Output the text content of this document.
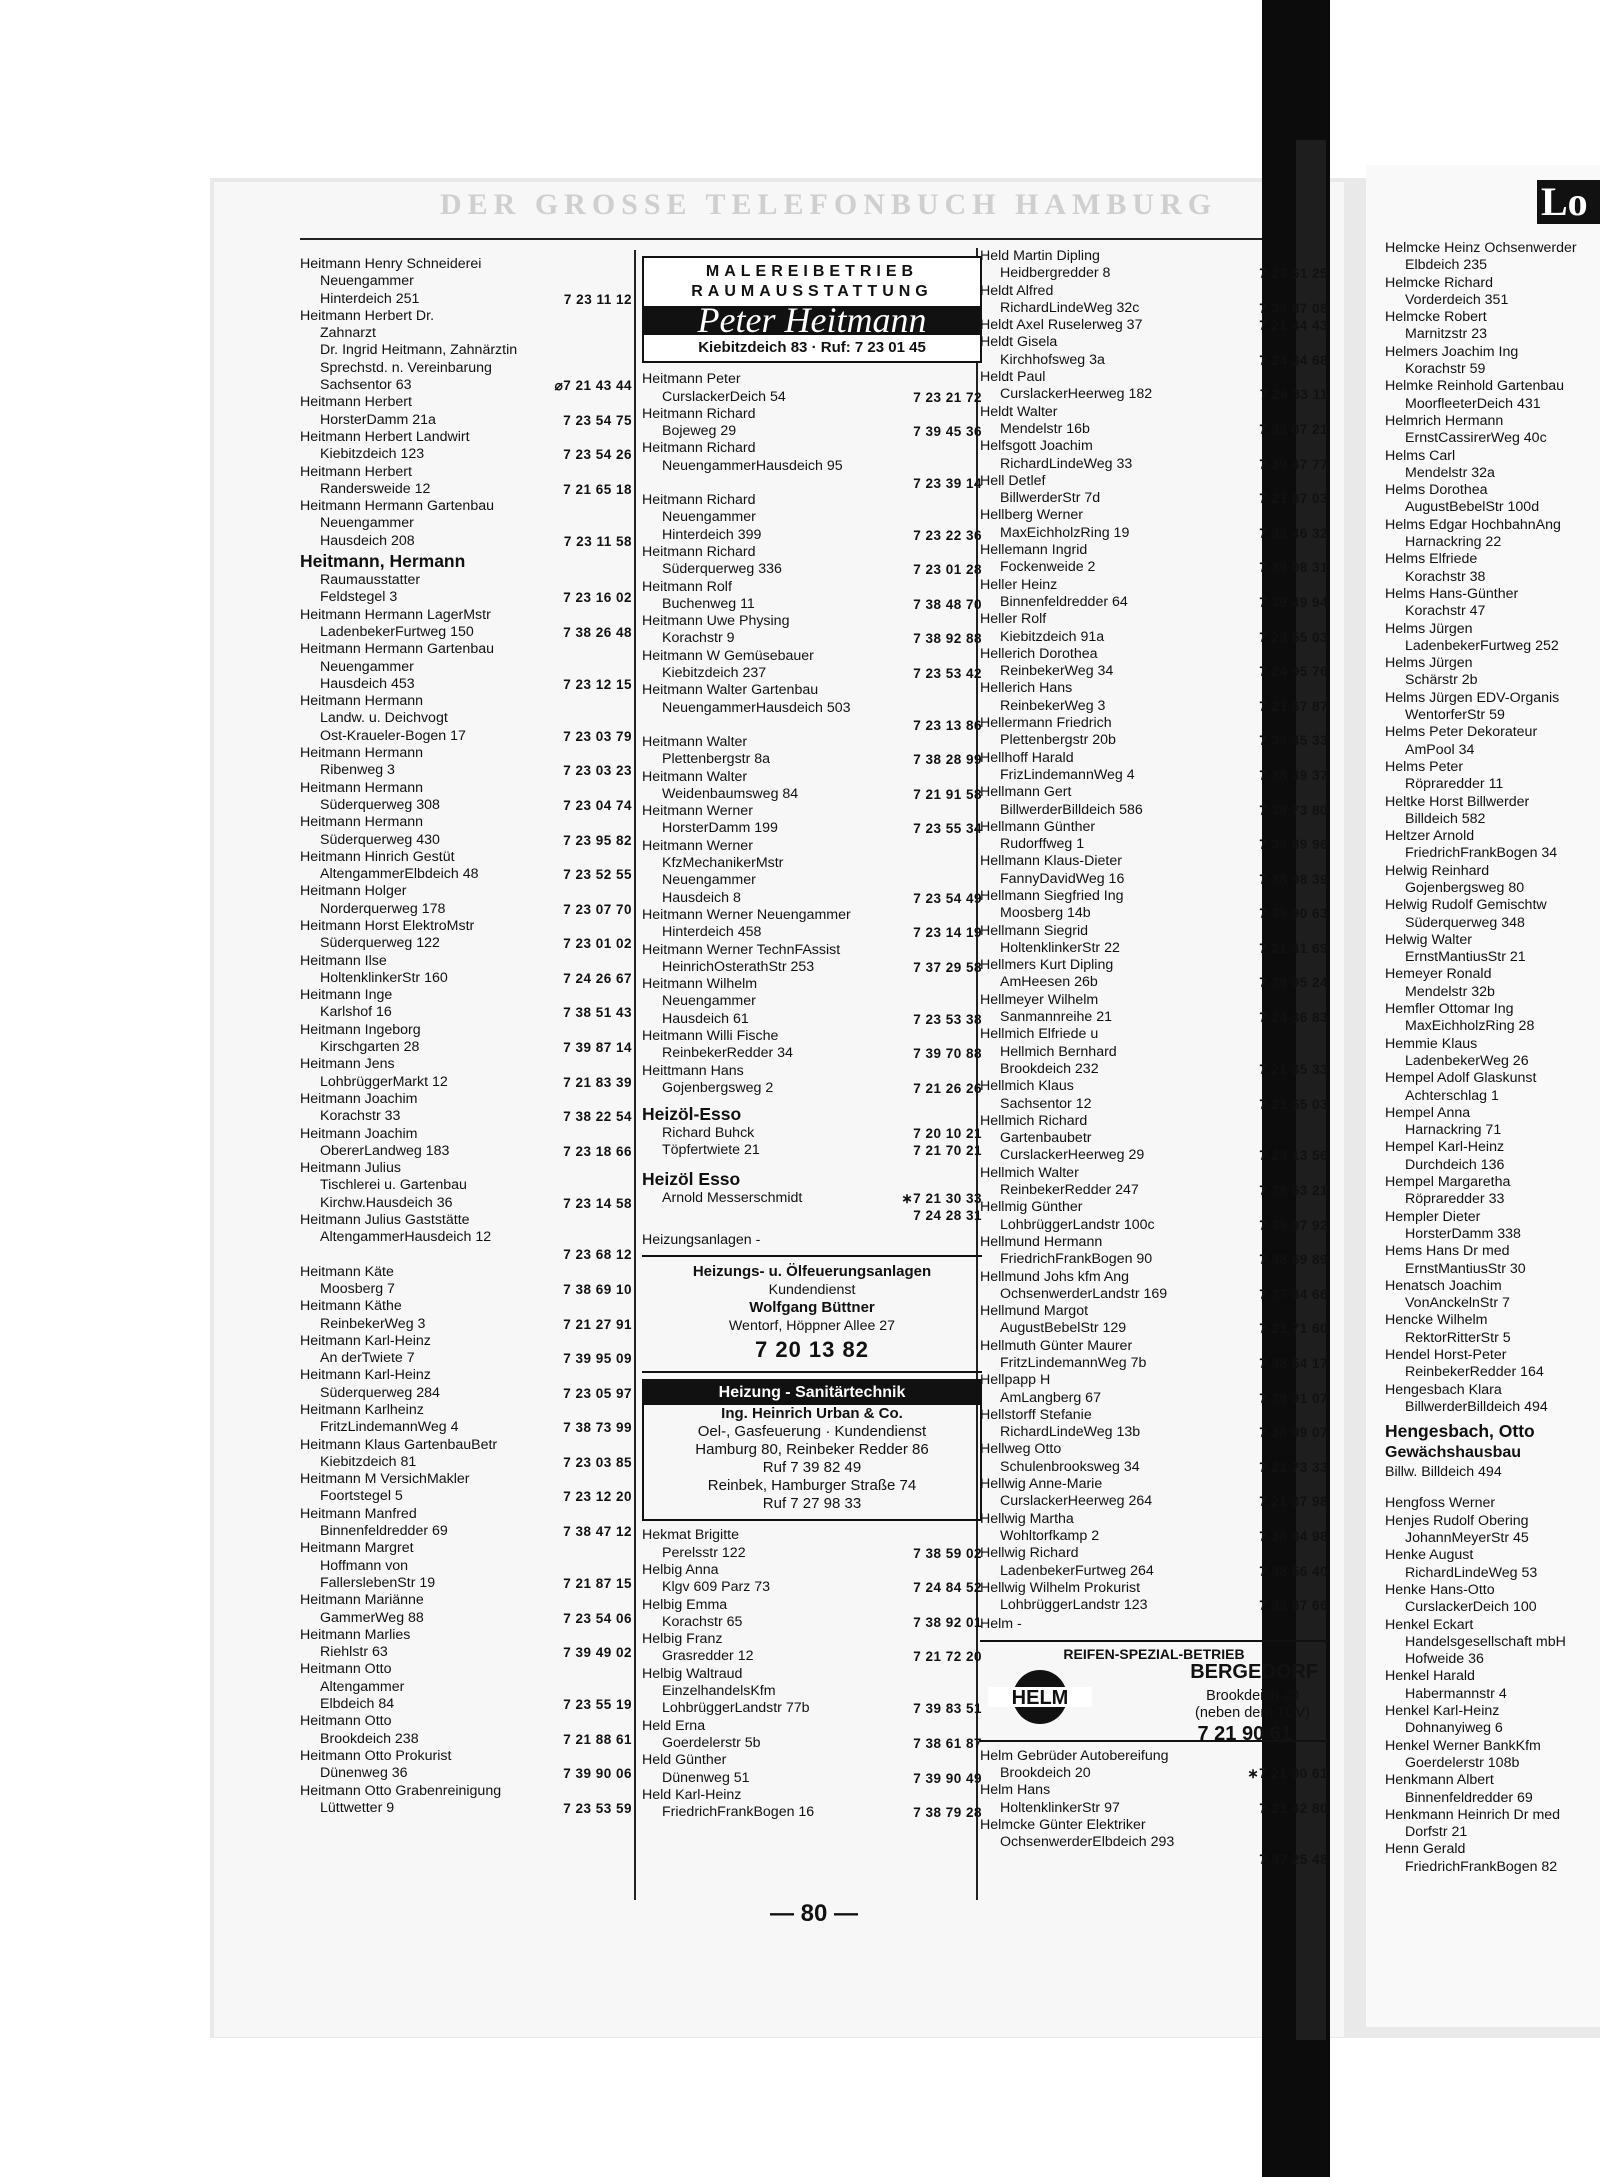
DER GROSSE TELEFONBUCH HAMBURG	Lo
Heitmann Henry Schneiderei
Neuengammer
Hinterdeich 251	7 23 11 12
Heitmann Herbert Dr.
Zahnarzt
Dr. Ingrid Heitmann, Zahnärztin
Sprechstd. n. Vereinbarung
Sachsentor 63	⌀7 21 43 44
Heitmann Herbert
HorsterDamm 21a	7 23 54 75
Heitmann Herbert Landwirt
Kiebitzdeich 123	7 23 54 26
Heitmann Herbert
Randersweide 12	7 21 65 18
Heitmann Hermann Gartenbau
Neuengammer
Hausdeich 208	7 23 11 58
Heitmann, Hermann
Raumausstatter
Feldstegel 3	7 23 16 02
Heitmann Hermann LagerMstr
LadenbekerFurtweg 150	7 38 26 48
Heitmann Hermann Gartenbau
Neuengammer
Hausdeich 453	7 23 12 15
Heitmann Hermann
Landw. u. Deichvogt
Ost-Kraueler-Bogen 17	7 23 03 79
Heitmann Hermann
Ribenweg 3	7 23 03 23
Heitmann Hermann
Süderquerweg 308	7 23 04 74
Heitmann Hermann
Süderquerweg 430	7 23 95 82
Heitmann Hinrich Gestüt
AltengammerElbdeich 48	7 23 52 55
Heitmann Holger
Norderquerweg 178	7 23 07 70
Heitmann Horst ElektroMstr
Süderquerweg 122	7 23 01 02
Heitmann Ilse
HoltenklinkerStr 160	7 24 26 67
Heitmann Inge
Karlshof 16	7 38 51 43
Heitmann Ingeborg
Kirschgarten 28	7 39 87 14
Heitmann Jens
LohbrüggerMarkt 12	7 21 83 39
Heitmann Joachim
Korachstr 33	7 38 22 54
Heitmann Joachim
ObererLandweg 183	7 23 18 66
Heitmann Julius
Tischlerei u. Gartenbau
Kirchw.Hausdeich 36	7 23 14 58
Heitmann Julius Gaststätte
AltengammerHausdeich 12
7 23 68 12
Heitmann Käte
Moosberg 7	7 38 69 10
Heitmann Käthe
ReinbekerWeg 3	7 21 27 91
Heitmann Karl-Heinz
An derTwiete 7	7 39 95 09
Heitmann Karl-Heinz
Süderquerweg 284	7 23 05 97
Heitmann Karlheinz
FritzLindemannWeg 4	7 38 73 99
Heitmann Klaus GartenbauBetr
Kiebitzdeich 81	7 23 03 85
Heitmann M VersichMakler
Foortstegel 5	7 23 12 20
Heitmann Manfred
Binnenfeldredder 69	7 38 47 12
Heitmann Margret
Hoffmann von
FallerslebenStr 19	7 21 87 15
Heitmann Mariänne
GammerWeg 88	7 23 54 06
Heitmann Marlies
Riehlstr 63	7 39 49 02
Heitmann Otto
Altengammer
Elbdeich 84	7 23 55 19
Heitmann Otto
Brookdeich 238	7 21 88 61
Heitmann Otto Prokurist
Dünenweg 36	7 39 90 06
Heitmann Otto Grabenreinigung
Lüttwetter 9	7 23 53 59
MALEREIBETRIEB
RAUMAUSSTATTUNG
Peter Heitmann
Kiebitzdeich 83 · Ruf: 7 23 01 45
Heitmann Peter
CurslackerDeich 54	7 23 21 72
Heitmann Richard
Bojeweg 29	7 39 45 36
Heitmann Richard
NeuengammerHausdeich 95
7 23 39 14
Heitmann Richard
Neuengammer
Hinterdeich 399	7 23 22 36
Heitmann Richard
Süderquerweg 336	7 23 01 28
Heitmann Rolf
Buchenweg 11	7 38 48 70
Heitmann Uwe Physing
Korachstr 9	7 38 92 88
Heitmann W Gemüsebauer
Kiebitzdeich 237	7 23 53 42
Heitmann Walter Gartenbau
NeuengammerHausdeich 503
7 23 13 86
Heitmann Walter
Plettenbergstr 8a	7 38 28 99
Heitmann Walter
Weidenbaumsweg 84	7 21 91 58
Heitmann Werner
HorsterDamm 199	7 23 55 34
Heitmann Werner
KfzMechanikerMstr
Neuengammer
Hausdeich 8	7 23 54 49
Heitmann Werner Neuengammer
Hinterdeich 458	7 23 14 19
Heitmann Werner TechnFAssist
HeinrichOsterathStr 253	7 37 29 58
Heitmann Wilhelm
Neuengammer
Hausdeich 61	7 23 53 38
Heitmann Willi Fische
ReinbekerRedder 34	7 39 70 88
Heittmann Hans
Gojenbergsweg 2	7 21 26 26
Heizöl-Esso
Richard Buhck	7 20 10 21
Töpfertwiete 21	7 21 70 21
Heizöl Esso
Arnold Messerschmidt	∗7 21 30 33
7 24 28 31
Heizungsanlagen -
Heizungs- u. Ölfeuerungsanlagen
Kundendienst
Wolfgang Büttner
Wentorf, Höppner Allee 27
7 20 13 82
Heizung - Sanitärtechnik
Ing. Heinrich Urban & Co.
Oel-, Gasfeuerung · Kundendienst
Hamburg 80, Reinbeker Redder 86
Ruf 7 39 82 49
Reinbek, Hamburger Straße 74
Ruf 7 27 98 33
Hekmat Brigitte
Perelsstr 122	7 38 59 02
Helbig Anna
Klgv 609 Parz 73	7 24 84 52
Helbig Emma
Korachstr 65	7 38 92 01
Helbig Franz
Grasredder 12	7 21 72 20
Helbig Waltraud
EinzelhandelsKfm
LohbrüggerLandstr 77b	7 39 83 51
Held Erna
Goerdelerstr 5b	7 38 61 87
Held Günther
Dünenweg 51	7 39 90 49
Held Karl-Heinz
FriedrichFrankBogen 16	7 38 79 28
Held Martin Dipling
Heidbergredder 8	7 23 51 25
Heldt Alfred
RichardLindeWeg 32c	7 39 87 08
Heldt Axel Ruselerweg 37	7 21 44 43
Heldt Gisela
Kirchhofsweg 3a	7 24 34 68
Heldt Paul
CurslackerHeerweg 182	7 24 33 11
Heldt Walter
Mendelstr 16b	7 38 07 21
Helfsgott Joachim
RichardLindeWeg 33	7 39 47 77
Hell Detlef
BillwerderStr 7d	7 21 87 03
Hellberg Werner
MaxEichholzRing 19	7 38 46 32
Hellemann Ingrid
Fockenweide 2	7 39 08 31
Heller Heinz
Binnenfeldredder 64	7 39 49 94
Heller Rolf
Kiebitzdeich 91a	7 23 55 03
Hellerich Dorothea
ReinbekerWeg 34	7 24 95 76
Hellerich Hans
ReinbekerWeg 3	7 21 67 87
Hellermann Friedrich
Plettenbergstr 20b	7 38 45 33
Hellhoff Harald
FrizLindemannWeg 4	7 38 49 37
Hellmann Gert
BillwerderBilldeich 586	7 38 73 80
Hellmann Günther
Rudorffweg 1	7 39 89 96
Hellmann Klaus-Dieter
FannyDavidWeg 16	7 38 98 39
Hellmann Siegfried Ing
Moosberg 14b	7 39 90 63
Hellmann Siegrid
HoltenklinkerStr 22	7 21 41 69
Hellmers Kurt Dipling
AmHeesen 26b	7 39 95 24
Hellmeyer Wilhelm
Sanmannreihe 21	7 24 36 83
Hellmich Elfriede u
Hellmich Bernhard
Brookdeich 232	7 21 35 33
Hellmich Klaus
Sachsentor 12	7 21 55 03
Hellmich Richard
Gartenbaubetr
CurslackerHeerweg 29	7 23 13 56
Hellmich Walter
ReinbekerRedder 247	7 38 63 21
Hellmig Günther
LohbrüggerLandstr 100c	7 39 97 92
Hellmund Hermann
FriedrichFrankBogen 90	7 38 69 89
Hellmund Johs kfm Ang
OchsenwerderLandstr 169	7 37 34 66
Hellmund Margot
AugustBebelStr 129	7 21 71 60
Hellmuth Günter Maurer
FritzLindemannWeg 7b	7 38 54 17
Hellpapp H
AmLangberg 67	7 39 91 07
Hellstorff Stefanie
RichardLindeWeg 13b	7 38 99 07
Hellweg Otto
Schulenbrooksweg 34	7 21 73 33
Hellwig Anne-Marie
CurslackerHeerweg 264	7 21 37 98
Hellwig Martha
Wohltorfkamp 2	7 38 84 98
Hellwig Richard
LadenbekerFurtweg 264	7 38 56 40
Hellwig Wilhelm Prokurist
LohbrüggerLandstr 123	7 39 87 66
Helm -
REIFEN-SPEZIAL-BETRIEB
HELM
BERGEDORF
Brookdeich 20
(neben dem TÜV)
7 21 90 61
Helm Gebrüder Autobereifung
Brookdeich 20	∗7 21 90 61
Helm Hans
HoltenklinkerStr 97	7 21 42 80
Helmcke Günter Elektriker
OchsenwerderElbdeich 293
7 37 25 48
Helmcke Heinz Ochsenwerder
Elbdeich 235
Helmcke Richard
Vorderdeich 351
Helmcke Robert
Marnitzstr 23
Helmers Joachim Ing
Korachstr 59
Helmke Reinhold Gartenbau
MoorfleeterDeich 431
Helmrich Hermann
ErnstCassirerWeg 40c
Helms Carl
Mendelstr 32a
Helms Dorothea
AugustBebelStr 100d
Helms Edgar HochbahnAng
Harnackring 22
Helms Elfriede
Korachstr 38
Helms Hans-Günther
Korachstr 47
Helms Jürgen
LadenbekerFurtweg 252
Helms Jürgen
Schärstr 2b
Helms Jürgen EDV-Organis
WentorferStr 59
Helms Peter Dekorateur
AmPool 34
Helms Peter
Röpraredder 11
Heltke Horst Billwerder
Billdeich 582
Heltzer Arnold
FriedrichFrankBogen 34
Helwig Reinhard
Gojenbergsweg 80
Helwig Rudolf Gemischtw
Süderquerweg 348
Helwig Walter
ErnstMantiusStr 21
Hemeyer Ronald
Mendelstr 32b
Hemfler Ottomar Ing
MaxEichholzRing 28
Hemmie Klaus
LadenbekerWeg 26
Hempel Adolf Glaskunst
Achterschlag 1
Hempel Anna
Harnackring 71
Hempel Karl-Heinz
Durchdeich 136
Hempel Margaretha
Röpraredder 33
Hempler Dieter
HorsterDamm 338
Hems Hans Dr med
ErnstMantiusStr 30
Henatsch Joachim
VonAnckelnStr 7
Hencke Wilhelm
RektorRitterStr 5
Hendel Horst-Peter
ReinbekerRedder 164
Hengesbach Klara
BillwerderBilldeich 494
Hengesbach, Otto
Gewächshausbau
Billw. Billdeich 494
Hengfoss Werner
Henjes Rudolf Obering
JohannMeyerStr 45
Henke August
RichardLindeWeg 53
Henke Hans-Otto
CurslackerDeich 100
Henkel Eckart
Handelsgesellschaft mbH
Hofweide 36
Henkel Harald
Habermannstr 4
Henkel Karl-Heinz
Dohnanyiweg 6
Henkel Werner BankKfm
Goerdelerstr 108b
Henkmann Albert
Binnenfeldredder 69
Henkmann Heinrich Dr med
Dorfstr 21
Henn Gerald
FriedrichFrankBogen 82
— 80 —
